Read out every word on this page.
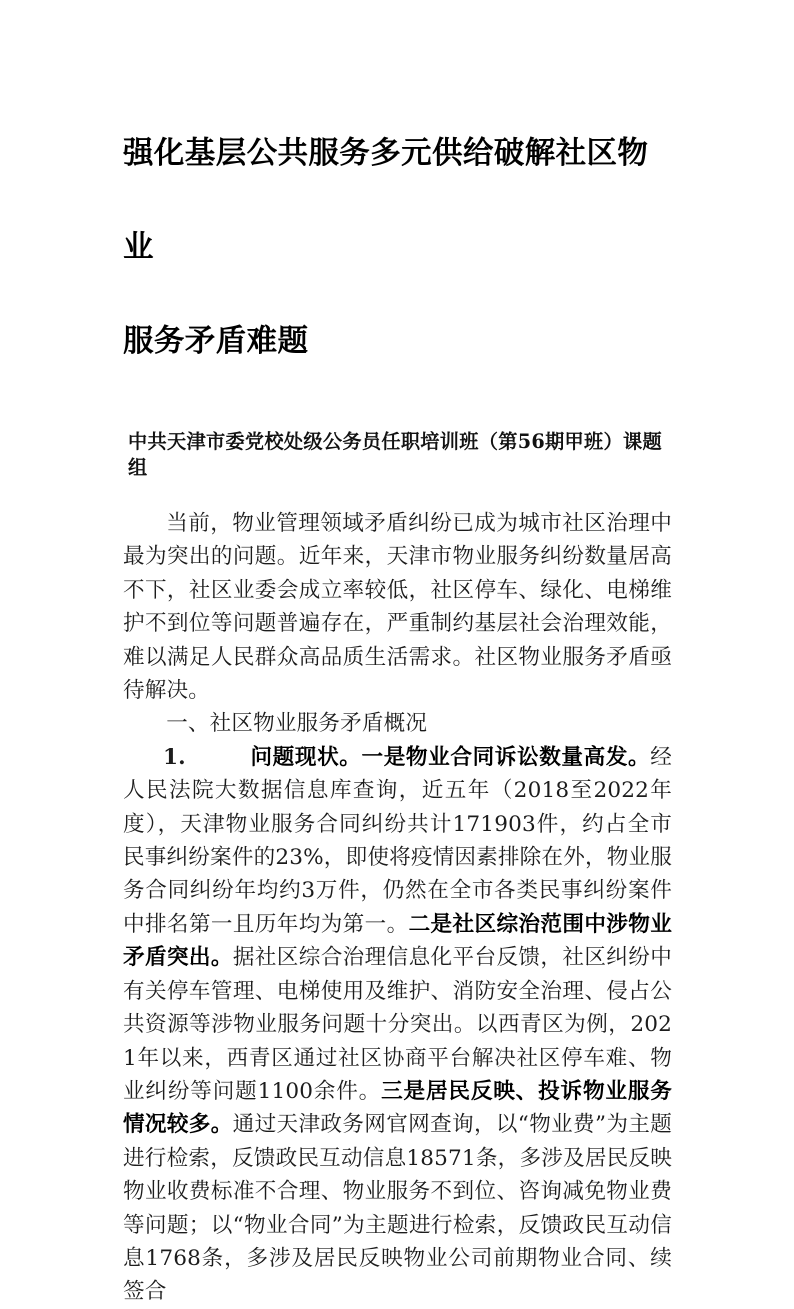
强化基层公共服务多元供给破解社区物业
服务矛盾难题
中共天津市委党校处级公务员任职培训班（第56期甲班）课题组

当前，物业管理领域矛盾纠纷已成为城市社区治理中最为突出的问题。近年来，天津市物业服务纠纷数量居高不下，社区业委会成立率较低，社区停车、绿化、电梯维护不到位等问题普遍存在，严重制约基层社会治理效能，难以满足人民群众高品质生活需求。社区物业服务矛盾亟待解决。

一、社区物业服务矛盾概况

1.	问题现状。一是物业合同诉讼数量高发。经人民法院大数据信息库查询，近五年（2018至2022年度），天津物业服务合同纠纷共计171903件，约占全市民事纠纷案件的23%，即使将疫情因素排除在外，物业服务合同纠纷年均约3万件，仍然在全市各类民事纠纷案件中排名第一且历年均为第一。二是社区综治范围中涉物业矛盾突出。据社区综合治理信息化平台反馈，社区纠纷中有关停车管理、电梯使用及维护、消防安全治理、侵占公共资源等涉物业服务问题十分突出。以西青区为例，2021年以来，西青区通过社区协商平台解决社区停车难、物业纠纷等问题1100余件。三是居民反映、投诉物业服务情况较多。通过天津政务网官网查询，以“物业费”为主题进行检索，反馈政民互动信息18571条，多涉及居民反映物业收费标准不合理、物业服务不到位、咨询减免物业费等问题；以“物业合同”为主题进行检索，反馈政民互动信息1768条，多涉及居民反映物业公司前期物业合同、续签合
